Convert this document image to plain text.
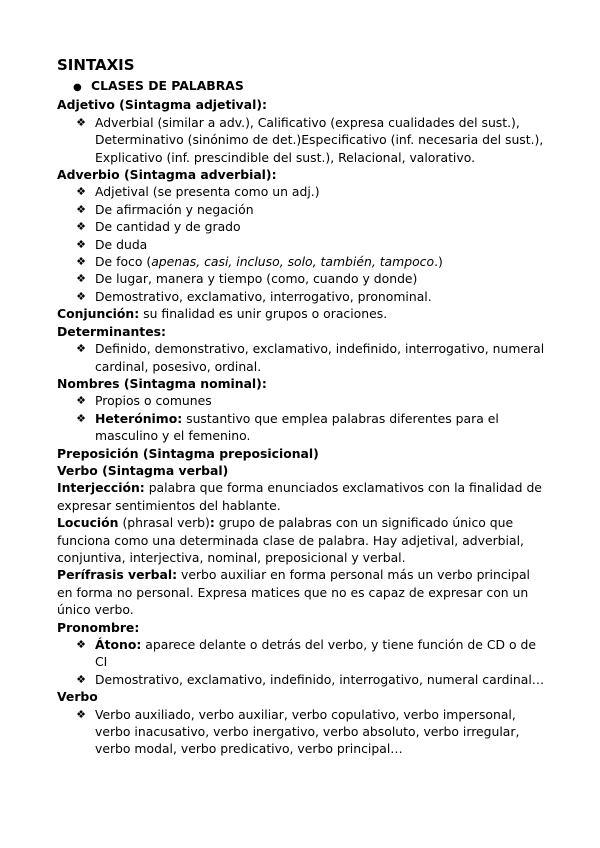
SINTAXIS
● CLASES DE PALABRAS
Adjetivo (Sintagma adjetival):
❖ Adverbial (similar a adv.), Calificativo (expresa cualidades del sust.), Determinativo (sinónimo de det.)Especificativo (inf. necesaria del sust.), Explicativo (inf. prescindible del sust.), Relacional, valorativo.
Adverbio (Sintagma adverbial):
❖ Adjetival (se presenta como un adj.)
❖ De afirmación y negación
❖ De cantidad y de grado
❖ De duda
❖ De foco (apenas, casi, incluso, solo, también, tampoco.)
❖ De lugar, manera y tiempo (como, cuando y donde)
❖ Demostrativo, exclamativo, interrogativo, pronominal.

Conjunción: su finalidad es unir grupos o oraciones.

Determinantes:
❖ Definido, demonstrativo, exclamativo, indefinido, interrogativo, numeral cardinal, posesivo, ordinal.
Nombres (Sintagma nominal):
❖ Propios o comunes
❖ Heterónimo: sustantivo que emplea palabras diferentes para el masculino y el femenino.
Preposición (Sintagma preposicional)
Verbo (Sintagma verbal)

Interjección: palabra que forma enunciados exclamativos con la finalidad de expresar sentimientos del hablante.

Locución (phrasal verb): grupo de palabras con un significado único que funciona como una determinada clase de palabra. Hay adjetival, adverbial, conjuntiva, interjectiva, nominal, preposicional y verbal.

Perífrasis verbal: verbo auxiliar en forma personal más un verbo principal en forma no personal. Expresa matices que no es capaz de expresar con un único verbo.

Pronombre:
❖ Átono: aparece delante o detrás del verbo, y tiene función de CD o de CI
❖ Demostrativo, exclamativo, indefinido, interrogativo, numeral cardinal…
Verbo
❖ Verbo auxiliado, verbo auxiliar, verbo copulativo, verbo impersonal, verbo inacusativo, verbo inergativo, verbo absoluto, verbo irregular, verbo modal, verbo predicativo, verbo principal…
